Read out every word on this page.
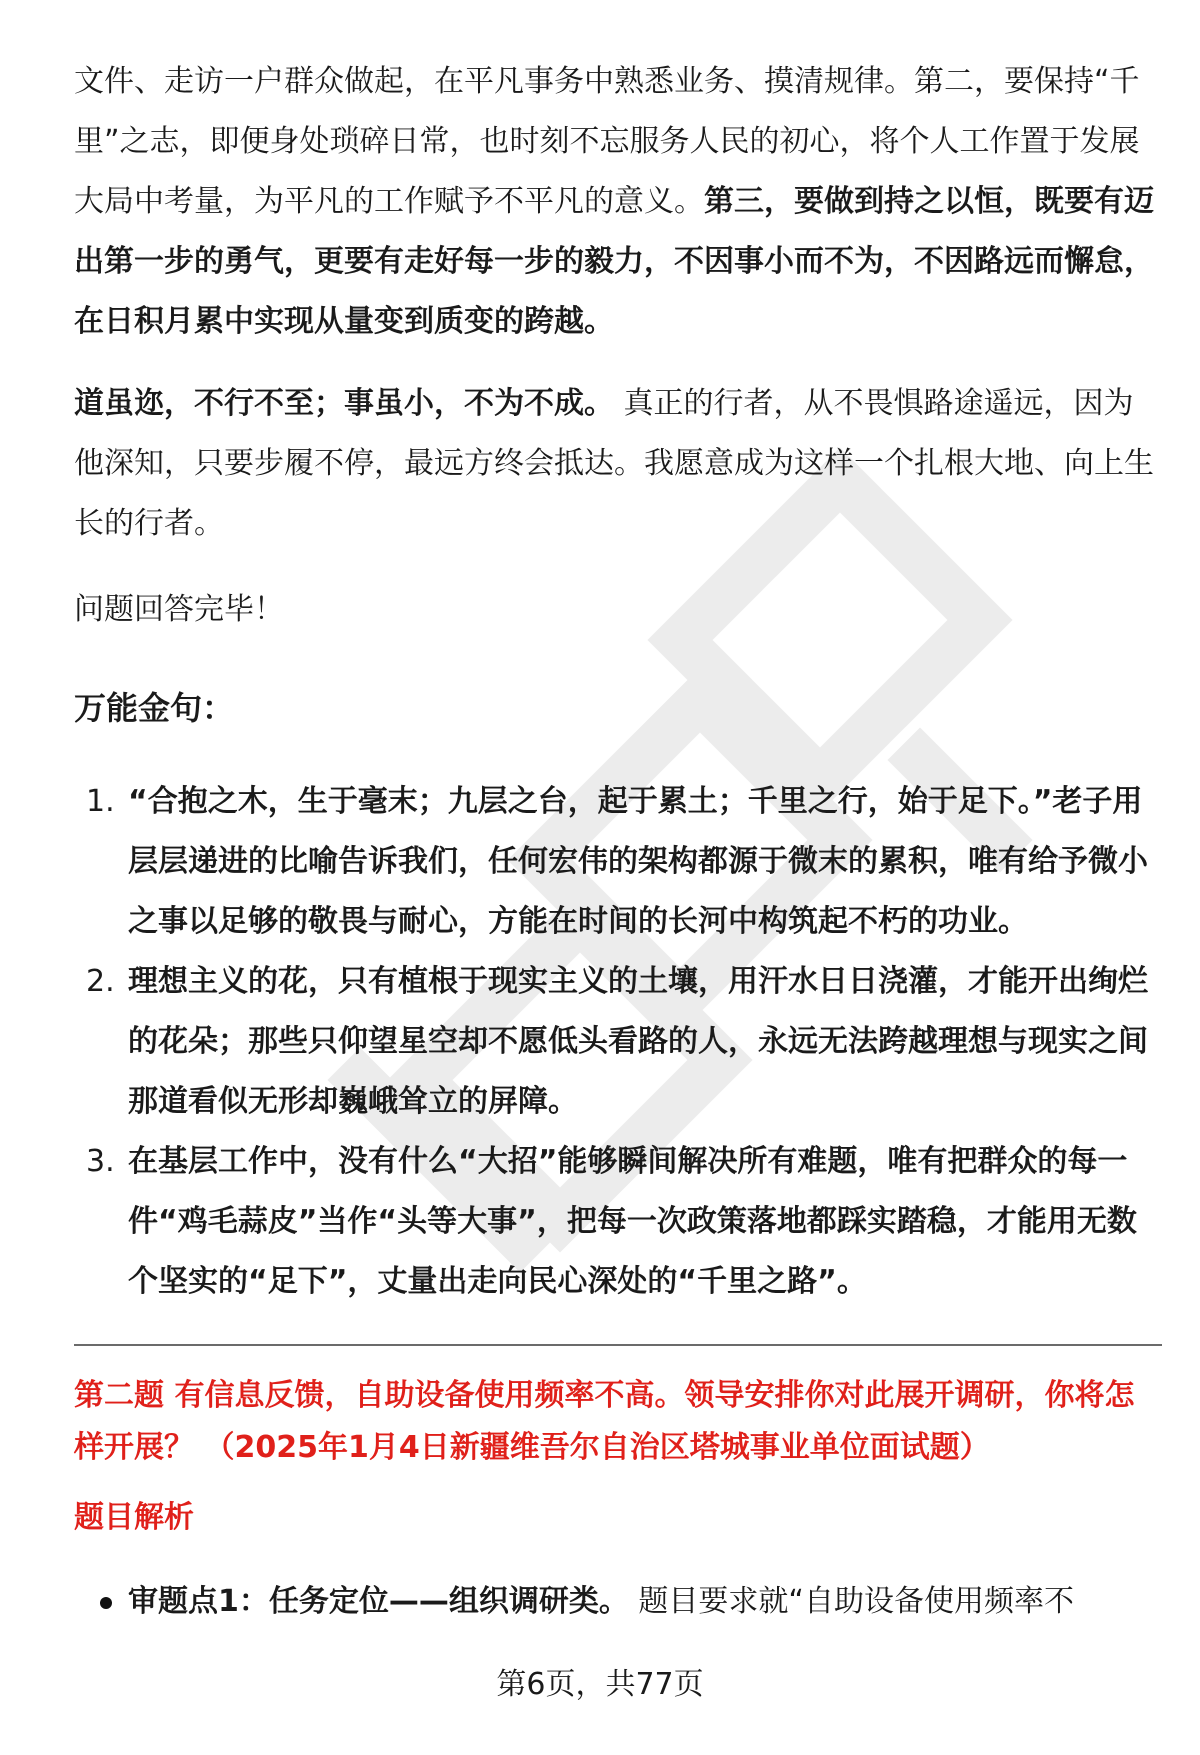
文件、走访一户群众做起，在平凡事务中熟悉业务、摸清规律。第二，要保持“千里”之志，即便身处琐碎日常，也时刻不忘服务人民的初心，将个人工作置于发展大局中考量，为平凡的工作赋予不平凡的意义。第三，要做到持之以恒，既要有迈出第一步的勇气，更要有走好每一步的毅力，不因事小而不为，不因路远而懈怠，在日积月累中实现从量变到质变的跨越。

道虽迩，不行不至；事虽小，不为不成。 真正的行者，从不畏惧路途遥远，因为他深知，只要步履不停，最远方终会抵达。我愿意成为这样一个扎根大地、向上生长的行者。

问题回答完毕！

万能金句：
1. “合抱之木，生于毫末；九层之台，起于累土；千里之行，始于足下。”老子用层层递进的比喻告诉我们，任何宏伟的架构都源于微末的累积，唯有给予微小之事以足够的敬畏与耐心，方能在时间的长河中构筑起不朽的功业。
2. 理想主义的花，只有植根于现实主义的土壤，用汗水日日浇灌，才能开出绚烂的花朵；那些只仰望星空却不愿低头看路的人，永远无法跨越理想与现实之间那道看似无形却巍峨耸立的屏障。
3. 在基层工作中，没有什么“大招”能够瞬间解决所有难题，唯有把群众的每一件“鸡毛蒜皮”当作“头等大事”，把每一次政策落地都踩实踏稳，才能用无数个坚实的“足下”，丈量出走向民心深处的“千里之路”。
第二题 有信息反馈，自助设备使用频率不高。领导安排你对此展开调研，你将怎样开展？ （2025年1月4日新疆维吾尔自治区塔城事业单位面试题）
题目解析
审题点1：任务定位——组织调研类。 题目要求就“自助设备使用频率不
第6页，共77页
